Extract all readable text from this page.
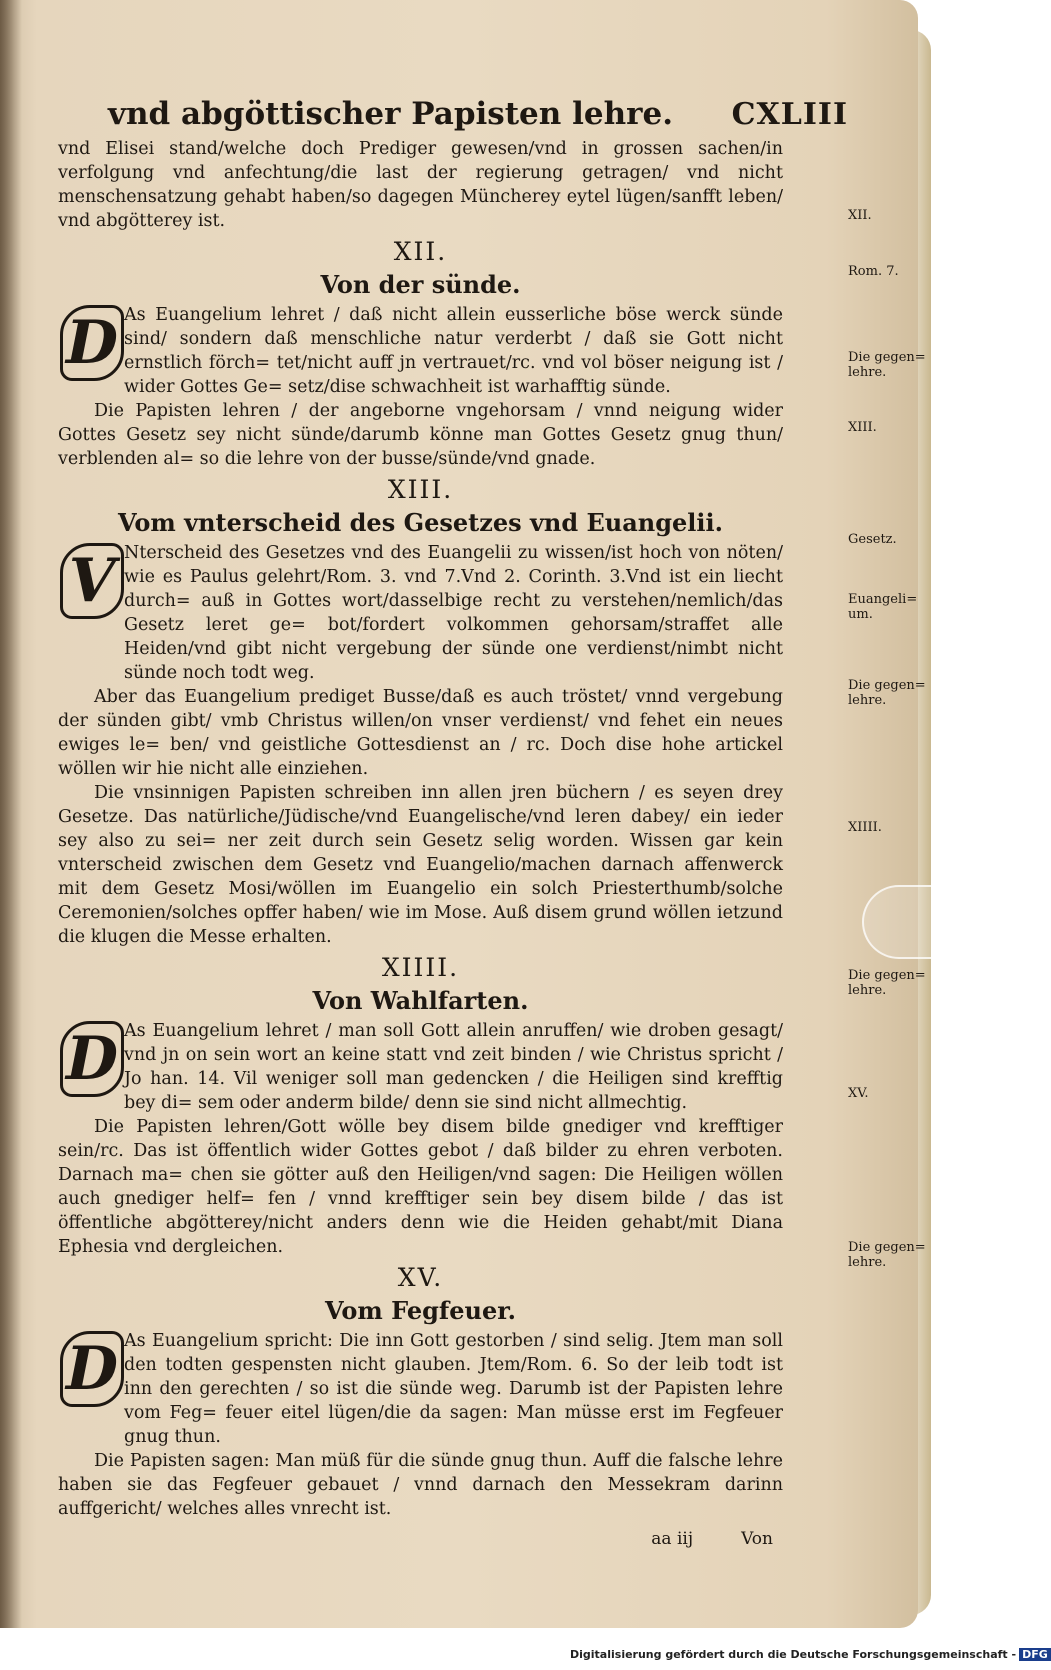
vnd abgöttischer Papisten lehre. CXLIII

vnd Elisei stand/welche doch Prediger gewesen/vnd in grossen sachen/in verfolgung vnd anfechtung/die last der regierung getragen/ vnd nicht menschensatzung gehabt haben/so dagegen Müncherey eytel lügen/sanfft leben/ vnd abgötterey ist.

XII.
Von der sünde.
D As Euangelium lehret / daß nicht allein eusserliche böse werck sünde sind/ sondern daß menschliche natur verderbt / daß sie Gott nicht ernstlich förch= tet/nicht auff jn vertrauet/rc. vnd vol böser neigung ist / wider Gottes Ge= setz/dise schwachheit ist warhafftig sünde.

Die Papisten lehren / der angeborne vngehorsam / vnnd neigung wider Gottes Gesetz sey nicht sünde/darumb könne man Gottes Gesetz gnug thun/ verblenden al= so die lehre von der busse/sünde/vnd gnade.

XIII.
Vom vnterscheid des Gesetzes vnd Euangelii.
V Nterscheid des Gesetzes vnd des Euangelii zu wissen/ist hoch von nöten/ wie es Paulus gelehrt/Rom. 3. vnd 7.Vnd 2. Corinth. 3.Vnd ist ein liecht durch= auß in Gottes wort/dasselbige recht zu verstehen/nemlich/das Gesetz leret ge= bot/fordert volkommen gehorsam/straffet alle Heiden/vnd gibt nicht vergebung der sünde one verdienst/nimbt nicht sünde noch todt weg.

Aber das Euangelium prediget Busse/daß es auch tröstet/ vnnd vergebung der sünden gibt/ vmb Christus willen/on vnser verdienst/ vnd fehet ein neues ewiges le= ben/ vnd geistliche Gottesdienst an / rc. Doch dise hohe artickel wöllen wir hie nicht alle einziehen.

Die vnsinnigen Papisten schreiben inn allen jren büchern / es seyen drey Gesetze. Das natürliche/Jüdische/vnd Euangelische/vnd leren dabey/ ein ieder sey also zu sei= ner zeit durch sein Gesetz selig worden. Wissen gar kein vnterscheid zwischen dem Gesetz vnd Euangelio/machen darnach affenwerck mit dem Gesetz Mosi/wöllen im Euangelio ein solch Priesterthumb/solche Ceremonien/solches opffer haben/ wie im Mose. Auß disem grund wöllen ietzund die klugen die Messe erhalten.

XIIII.
Von Wahlfarten.
D As Euangelium lehret / man soll Gott allein anruffen/ wie droben gesagt/ vnd jn on sein wort an keine statt vnd zeit binden / wie Christus spricht / Jo han. 14. Vil weniger soll man gedencken / die Heiligen sind krefftig bey di= sem oder anderm bilde/ denn sie sind nicht allmechtig.

Die Papisten lehren/Gott wölle bey disem bilde gnediger vnd krefftiger sein/rc. Das ist öffentlich wider Gottes gebot / daß bilder zu ehren verboten. Darnach ma= chen sie götter auß den Heiligen/vnd sagen: Die Heiligen wöllen auch gnediger helf= fen / vnnd krefftiger sein bey disem bilde / das ist öffentliche abgötterey/nicht anders denn wie die Heiden gehabt/mit Diana Ephesia vnd dergleichen.

XV.
Vom Fegfeuer.
D As Euangelium spricht: Die inn Gott gestorben / sind selig. Jtem man soll den todten gespensten nicht glauben. Jtem/Rom. 6. So der leib todt ist inn den gerechten / so ist die sünde weg. Darumb ist der Papisten lehre vom Feg= feuer eitel lügen/die da sagen: Man müsse erst im Fegfeuer gnug thun.

Die Papisten sagen: Man müß für die sünde gnug thun. Auff die falsche lehre haben sie das Fegfeuer gebauet / vnnd darnach den Messekram darinn auffgericht/ welches alles vnrecht ist.

aa iij	Von
XII.
Rom. 7.
Die gegen= lehre.
XIII.
Gesetz.
Euangeli= um.
Die gegen= lehre.
XIIII.
Die gegen= lehre.
XV.
Die gegen= lehre.
Digitalisierung gefördert durch die Deutsche Forschungsgemeinschaft - DFG
